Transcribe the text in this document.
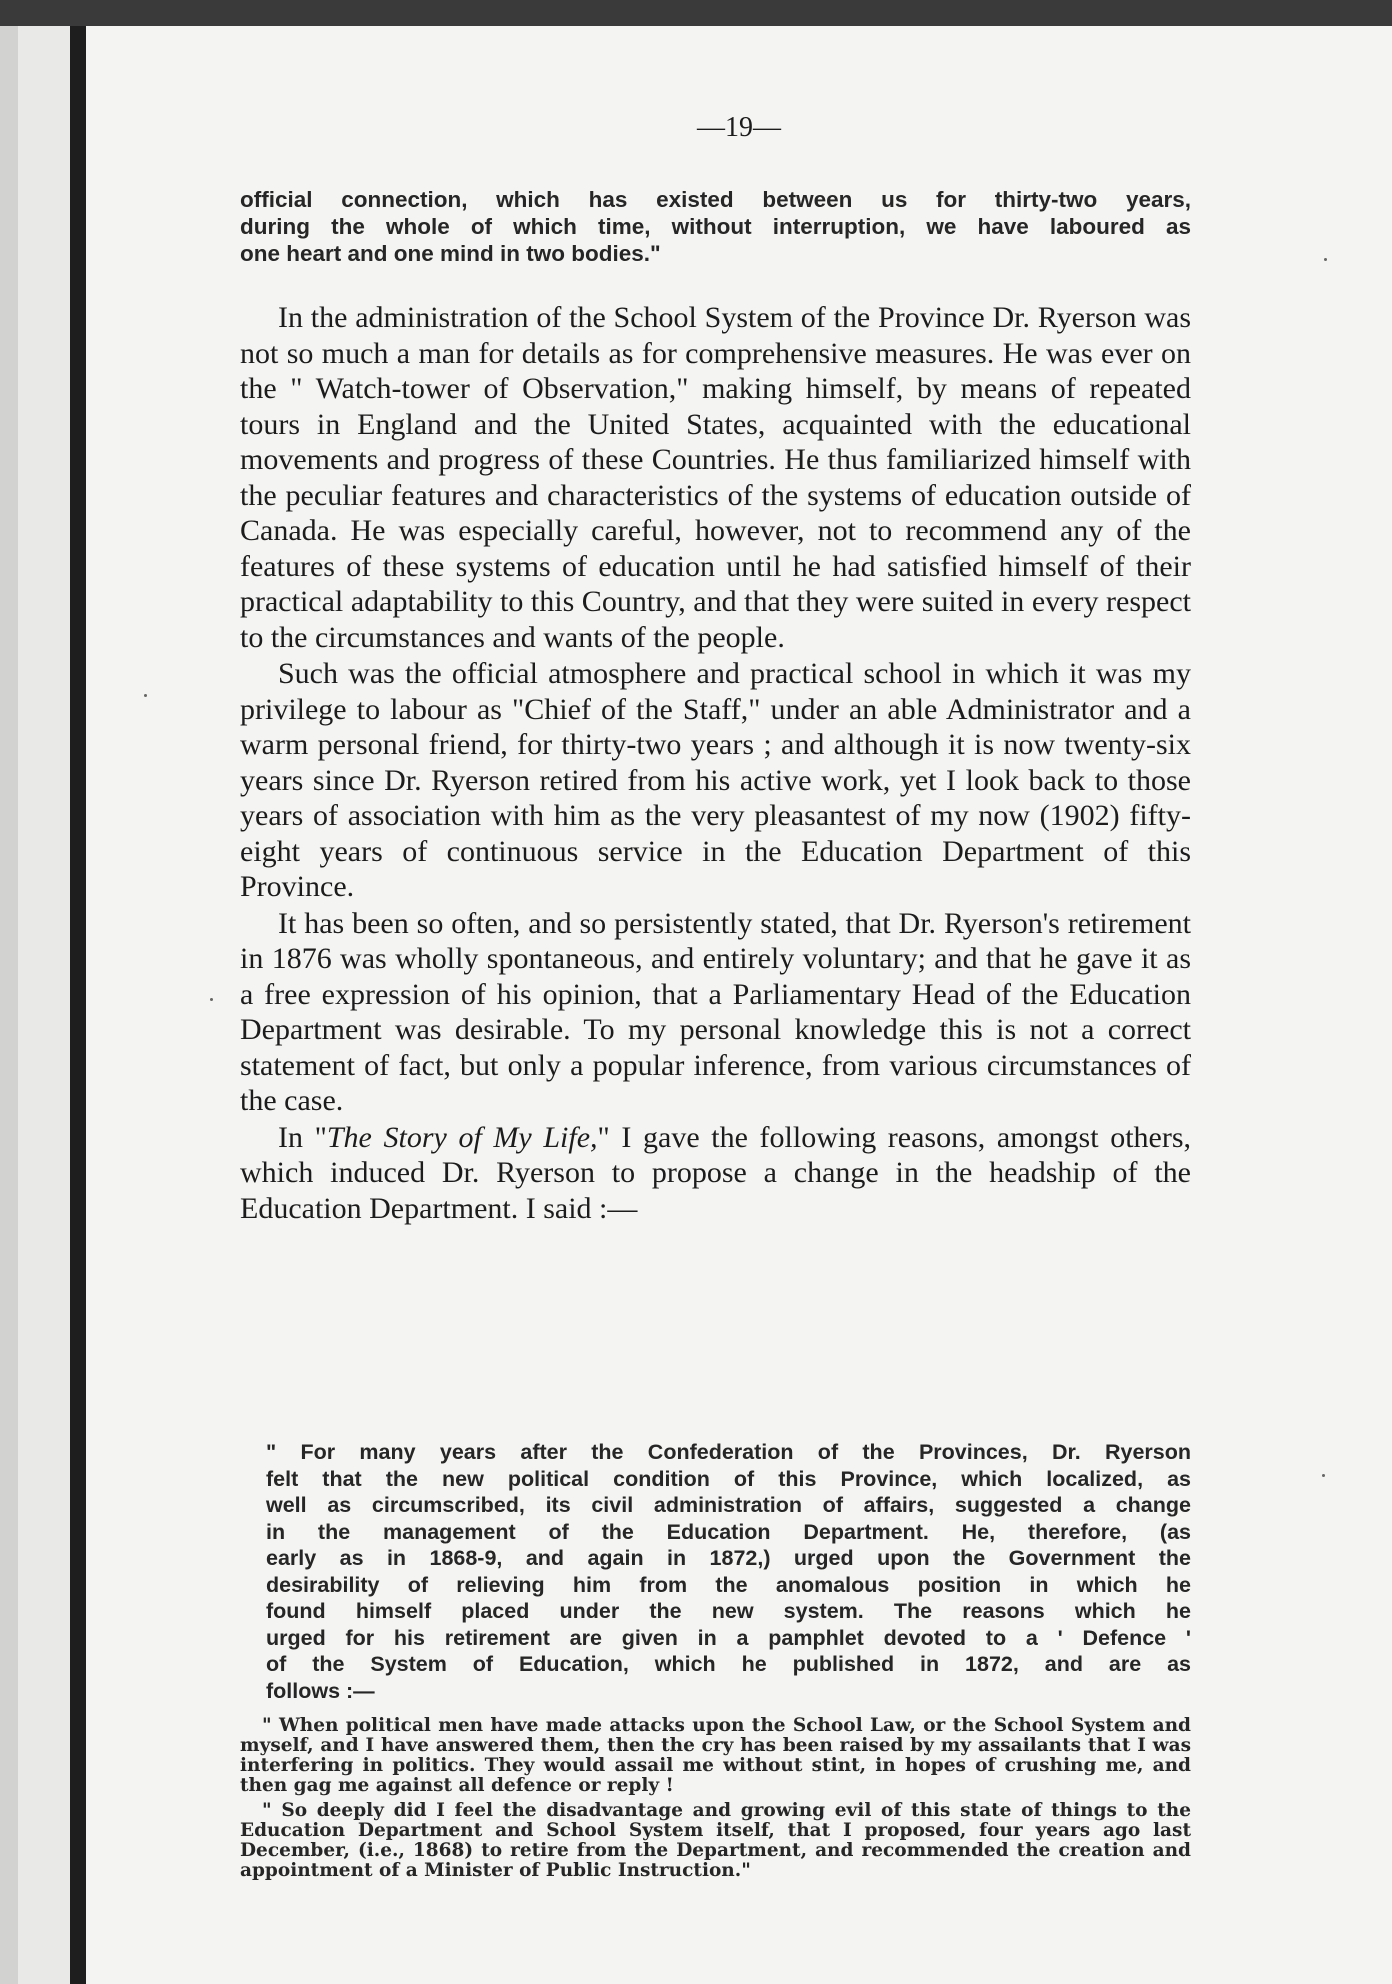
—19—

official connection, which has existed between us for thirty-two years,

during the whole of which time, without interruption, we have laboured as

one heart and one mind in two bodies."

In the administration of the School System of the Province Dr. Ryerson was not so much a man for details as for comprehensive measures. He was ever on the " Watch-tower of Observation," making himself, by means of repeated tours in England and the United States, acquainted with the educational movements and progress of these Countries. He thus familiarized himself with the peculiar features and characteristics of the systems of education outside of Canada. He was especially careful, however, not to recommend any of the features of these systems of education until he had satisfied himself of their practical adaptability to this Country, and that they were suited in every respect to the circumstances and wants of the people.

Such was the official atmosphere and practical school in which it was my privilege to labour as "Chief of the Staff," under an able Administrator and a warm personal friend, for thirty-two years ; and although it is now twenty-six years since Dr. Ryerson retired from his active work, yet I look back to those years of association with him as the very pleasantest of my now (1902) fifty-eight years of continuous service in the Education Department of this Province.

It has been so often, and so persistently stated, that Dr. Ryerson's retirement in 1876 was wholly spontaneous, and entirely voluntary; and that he gave it as a free expression of his opinion, that a Parliamentary Head of the Education Department was desirable. To my personal knowledge this is not a correct statement of fact, but only a popular inference, from various circumstances of the case.

In "The Story of My Life," I gave the following reasons, amongst others, which induced Dr. Ryerson to propose a change in the headship of the Education Department. I said :—

" For many years after the Confederation of the Provinces, Dr. Ryerson

felt that the new political condition of this Province, which localized, as

well as circumscribed, its civil administration of affairs, suggested a change

in the management of the Education Department. He, therefore, (as

early as in 1868-9, and again in 1872,) urged upon the Government the

desirability of relieving him from the anomalous position in which he

found himself placed under the new system. The reasons which he

urged for his retirement are given in a pamphlet devoted to a ' Defence '

of the System of Education, which he published in 1872, and are as

follows :—

" When political men have made attacks upon the School Law, or the School System and myself, and I have answered them, then the cry has been raised by my assailants that I was interfering in politics. They would assail me without stint, in hopes of crushing me, and then gag me against all defence or reply !

" So deeply did I feel the disadvantage and growing evil of this state of things to the Education Department and School System itself, that I proposed, four years ago last December, (i.e., 1868) to retire from the Department, and recommended the creation and appointment of a Minister of Public Instruction."
